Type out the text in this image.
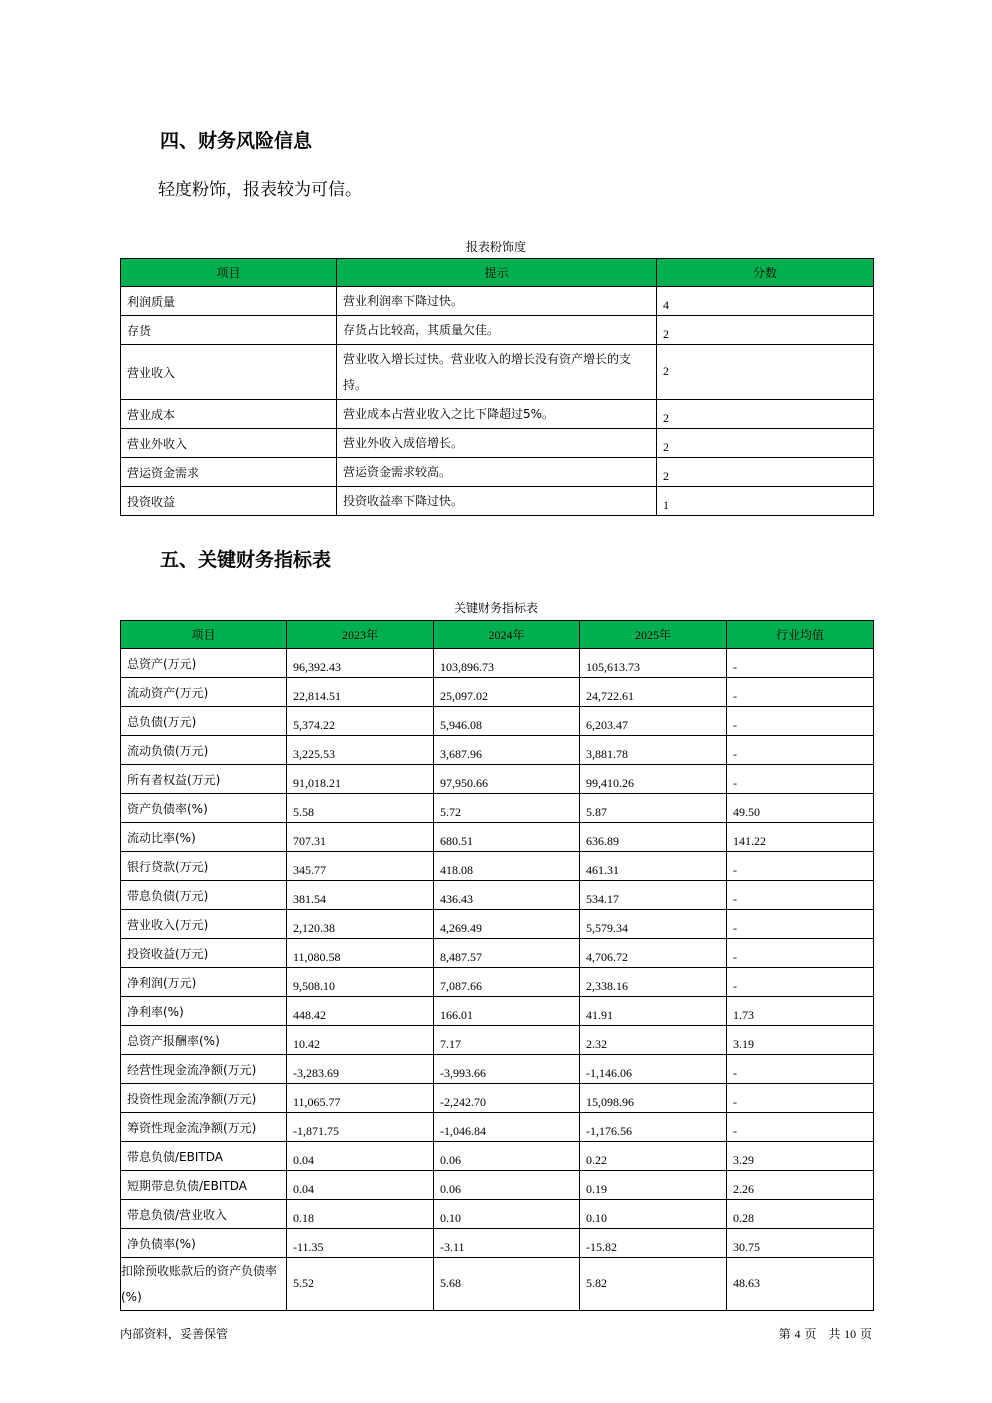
四、财务风险信息

轻度粉饰，报表较为可信。

报表粉饰度

项目	提示	分数
利润质量	营业利润率下降过快。	4
存货	存货占比较高，其质量欠佳。	2
营业收入	营业收入增长过快。营业收入的增长没有资产增长的支持。	2
营业成本	营业成本占营业收入之比下降超过5%。	2
营业外收入	营业外收入成倍增长。	2
营运资金需求	营运资金需求较高。	2
投资收益	投资收益率下降过快。	1
五、关键财务指标表

关键财务指标表

项目	2023年	2024年	2025年	行业均值
总资产(万元)	96,392.43	103,896.73	105,613.73	-
流动资产(万元)	22,814.51	25,097.02	24,722.61	-
总负债(万元)	5,374.22	5,946.08	6,203.47	-
流动负债(万元)	3,225.53	3,687.96	3,881.78	-
所有者权益(万元)	91,018.21	97,950.66	99,410.26	-
资产负债率(%)	5.58	5.72	5.87	49.50
流动比率(%)	707.31	680.51	636.89	141.22
银行贷款(万元)	345.77	418.08	461.31	-
带息负债(万元)	381.54	436.43	534.17	-
营业收入(万元)	2,120.38	4,269.49	5,579.34	-
投资收益(万元)	11,080.58	8,487.57	4,706.72	-
净利润(万元)	9,508.10	7,087.66	2,338.16	-
净利率(%)	448.42	166.01	41.91	1.73
总资产报酬率(%)	10.42	7.17	2.32	3.19
经营性现金流净额(万元)	-3,283.69	-3,993.66	-1,146.06	-
投资性现金流净额(万元)	11,065.77	-2,242.70	15,098.96	-
筹资性现金流净额(万元)	-1,871.75	-1,046.84	-1,176.56	-
带息负债/EBITDA	0.04	0.06	0.22	3.29
短期带息负债/EBITDA	0.04	0.06	0.19	2.26
带息负债/营业收入	0.18	0.10	0.10	0.28
净负债率(%)	-11.35	-3.11	-15.82	30.75
扣除预收账款后的资产负债率(%)	5.52	5.68	5.82	48.63

内部资料，妥善保管	第 4 页　共 10 页
